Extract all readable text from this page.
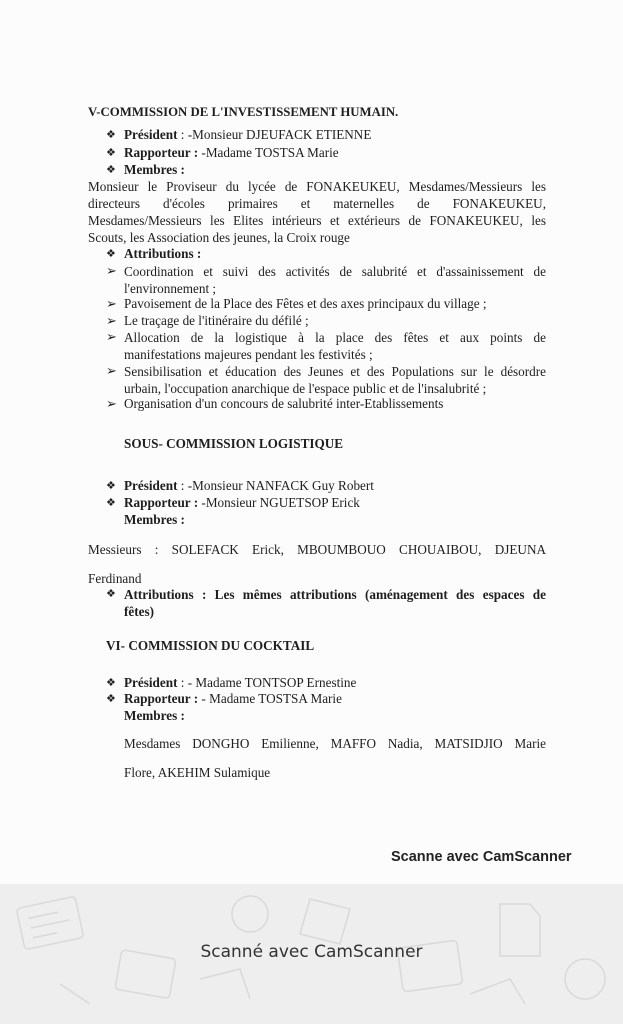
V-COMMISSION DE L'INVESTISSEMENT HUMAIN.
❖ Président : -Monsieur DJEUFACK ETIENNE
❖ Rapporteur : -Madame TOSTSA Marie
❖ Membres :
Monsieur le Proviseur du lycée de FONAKEUKEU, Mesdames/Messieurs les
directeurs d'écoles primaires et maternelles de FONAKEUKEU,
Mesdames/Messieurs les Elites intérieurs et extérieurs de FONAKEUKEU, les
Scouts, les Association des jeunes, la Croix rouge
❖ Attributions :
➢ Coordination et suivi des activités de salubrité et d'assainissement de
l'environnement ;
➢ Pavoisement de la Place des Fêtes et des axes principaux du village ;
➢ Le traçage de l'itinéraire du défilé ;
➢ Allocation de la logistique à la place des fêtes et aux points de
manifestations majeures pendant les festivités ;
➢ Sensibilisation et éducation des Jeunes et des Populations sur le désordre
urbain, l'occupation anarchique de l'espace public et de l'insalubrité ;
➢ Organisation d'un concours de salubrité inter-Etablissements
SOUS- COMMISSION LOGISTIQUE
❖ Président : -Monsieur NANFACK Guy Robert
❖ Rapporteur : -Monsieur NGUETSOP Erick
Membres :
Messieurs : SOLEFACK Erick, MBOUMBOUO CHOUAIBOU, DJEUNA
Ferdinand
❖ Attributions : Les mêmes attributions (aménagement des espaces de
fêtes)
VI- COMMISSION DU COCKTAIL
❖ Président : - Madame TONTSOP Ernestine
❖ Rapporteur : - Madame TOSTSA Marie
Membres :
Mesdames DONGHO Emilienne, MAFFO Nadia, MATSIDJIO Marie
Flore, AKEHIM Sulamique
Scanne avec CamScanner
Scanné avec CamScanner
